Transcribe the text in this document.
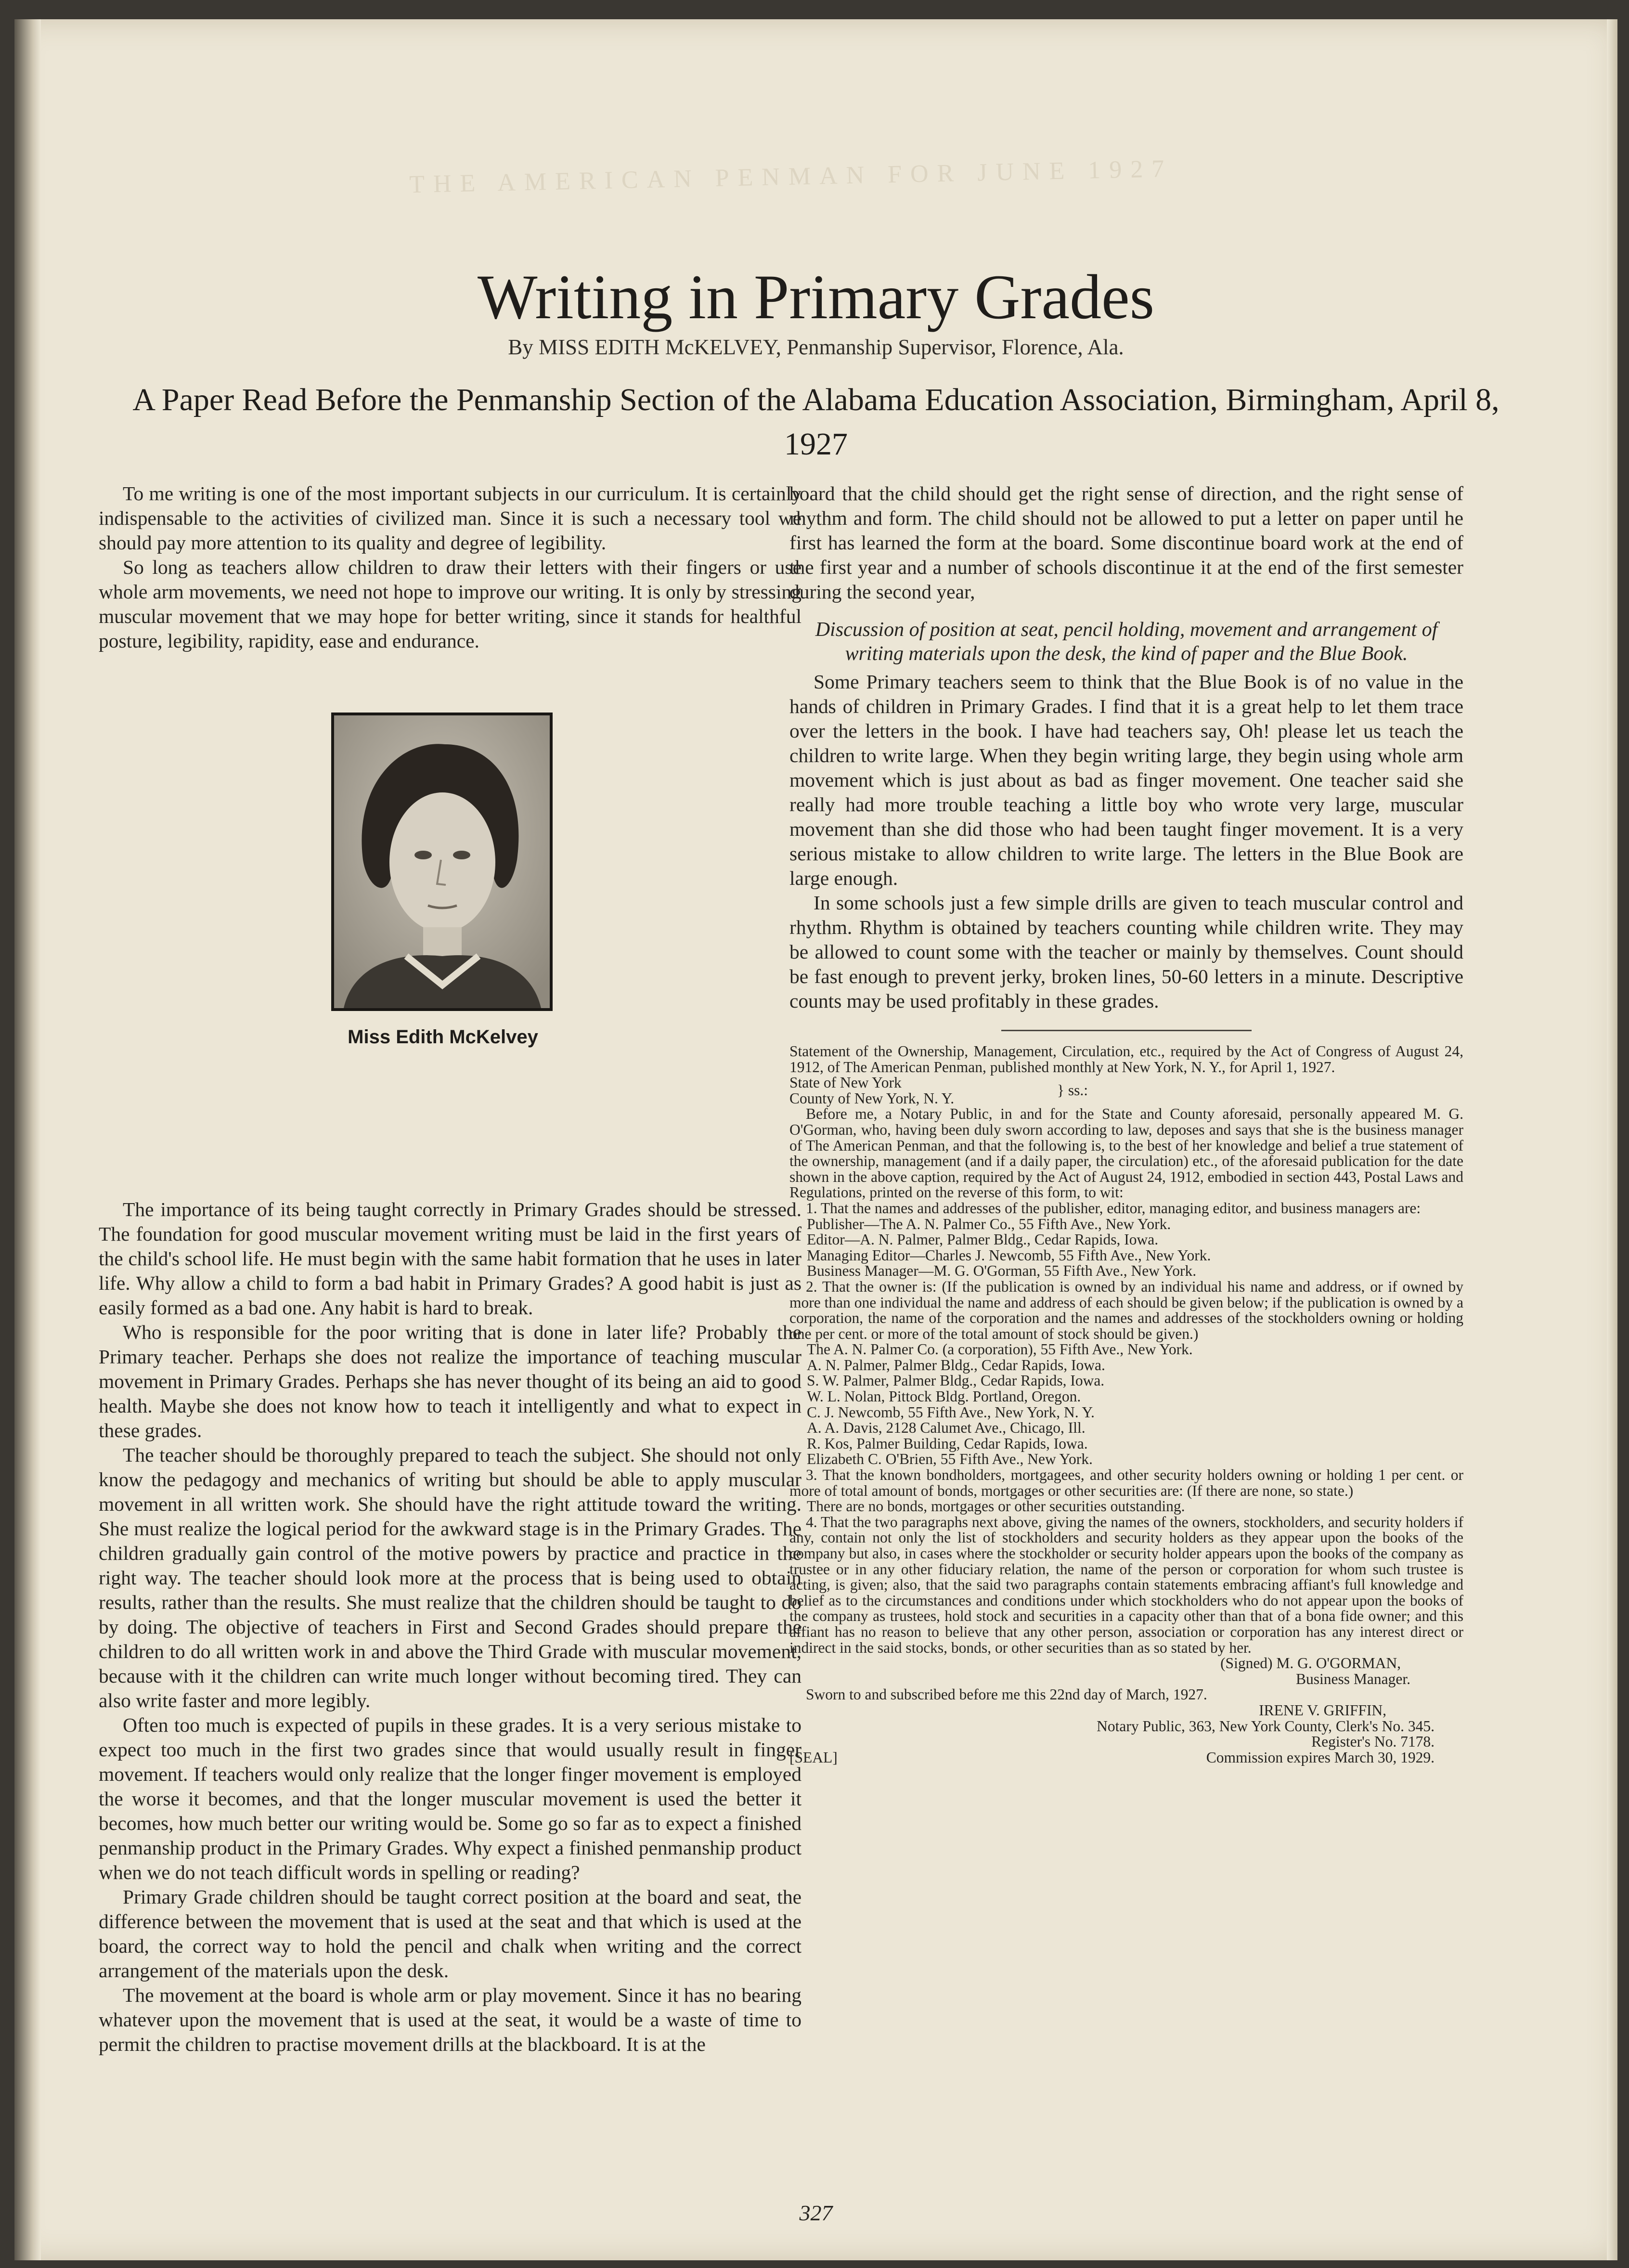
THE AMERICAN PENMAN FOR JUNE 1927
Writing in Primary Grades
By MISS EDITH McKELVEY, Penmanship Supervisor, Florence, Ala.
A Paper Read Before the Penmanship Section of the Alabama Education Association, Birmingham, April 8, 1927

To me writing is one of the most important subjects in our curriculum. It is certainly indispensable to the activities of civilized man. Since it is such a necessary tool we should pay more attention to its quality and degree of legibility.

So long as teachers allow children to draw their letters with their fingers or use whole arm movements, we need not hope to improve our writing. It is only by stressing muscular movement that we may hope for better writing, since it stands for healthful posture, legibility, rapidity, ease and endurance.

The importance of its being taught correctly in Primary Grades should be stressed. The foundation for good muscular movement writing must be laid in the first years of the child's school life. He must begin with the same habit formation that he uses in later life. Why allow a child to form a bad habit in Primary Grades? A good habit is just as easily formed as a bad one. Any habit is hard to break.

Who is responsible for the poor writing that is done in later life? Probably the Primary teacher. Perhaps she does not realize the importance of teaching muscular movement in Primary Grades. Perhaps she has never thought of its being an aid to good health. Maybe she does not know how to teach it intelligently and what to expect in these grades.

The teacher should be thoroughly prepared to teach the subject. She should not only know the pedagogy and mechanics of writing but should be able to apply muscular movement in all written work. She should have the right attitude toward the writing. She must realize the logical period for the awkward stage is in the Primary Grades. The children gradually gain control of the motive powers by practice and practice in the right way. The teacher should look more at the process that is being used to obtain results, rather than the results. She must realize that the children should be taught to do by doing. The objective of teachers in First and Second Grades should prepare the children to do all written work in and above the Third Grade with muscular movement, because with it the children can write much longer without becoming tired. They can also write faster and more legibly.

Often too much is expected of pupils in these grades. It is a very serious mistake to expect too much in the first two grades since that would usually result in finger movement. If teachers would only realize that the longer finger movement is employed the worse it becomes, and that the longer muscular movement is used the better it becomes, how much better our writing would be. Some go so far as to expect a finished penmanship product in the Primary Grades. Why expect a finished penmanship product when we do not teach difficult words in spelling or reading?

Primary Grade children should be taught correct position at the board and seat, the difference between the movement that is used at the seat and that which is used at the board, the correct way to hold the pencil and chalk when writing and the correct arrangement of the materials upon the desk.

The movement at the board is whole arm or play movement. Since it has no bearing whatever upon the movement that is used at the seat, it would be a waste of time to permit the children to practise movement drills at the blackboard. It is at the

Miss Edith McKelvey

board that the child should get the right sense of direction, and the right sense of rhythm and form. The child should not be allowed to put a letter on paper until he first has learned the form at the board. Some discontinue board work at the end of the first year and a number of schools discontinue it at the end of the first semester during the second year,

Discussion of position at seat, pencil holding, movement and arrangement of writing materials upon the desk, the kind of paper and the Blue Book.

Some Primary teachers seem to think that the Blue Book is of no value in the hands of children in Primary Grades. I find that it is a great help to let them trace over the letters in the book. I have had teachers say, Oh! please let us teach the children to write large. When they begin writing large, they begin using whole arm movement which is just about as bad as finger movement. One teacher said she really had more trouble teaching a little boy who wrote very large, muscular movement than she did those who had been taught finger movement. It is a very serious mistake to allow children to write large. The letters in the Blue Book are large enough.

In some schools just a few simple drills are given to teach muscular control and rhythm. Rhythm is obtained by teachers counting while children write. They may be allowed to count some with the teacher or mainly by themselves. Count should be fast enough to prevent jerky, broken lines, 50-60 letters in a minute. Descriptive counts may be used profitably in these grades.

Statement of the Ownership, Management, Circulation, etc., required by the Act of Congress of August 24, 1912, of The American Penman, published monthly at New York, N. Y., for April 1, 1927.

State of New York
County of New York, N. Y.	} ss.:

Before me, a Notary Public, in and for the State and County aforesaid, personally appeared M. G. O'Gorman, who, having been duly sworn according to law, deposes and says that she is the business manager of The American Penman, and that the following is, to the best of her knowledge and belief a true statement of the ownership, management (and if a daily paper, the circulation) etc., of the aforesaid publication for the date shown in the above caption, required by the Act of August 24, 1912, embodied in section 443, Postal Laws and Regulations, printed on the reverse of this form, to wit:

1. That the names and addresses of the publisher, editor, managing editor, and business managers are:

Publisher—The A. N. Palmer Co., 55 Fifth Ave., New York.

Editor—A. N. Palmer, Palmer Bldg., Cedar Rapids, Iowa.

Managing Editor—Charles J. Newcomb, 55 Fifth Ave., New York.

Business Manager—M. G. O'Gorman, 55 Fifth Ave., New York.

2. That the owner is: (If the publication is owned by an individual his name and address, or if owned by more than one individual the name and address of each should be given below; if the publication is owned by a corporation, the name of the corporation and the names and addresses of the stockholders owning or holding one per cent. or more of the total amount of stock should be given.)

The A. N. Palmer Co. (a corporation), 55 Fifth Ave., New York.

A. N. Palmer, Palmer Bldg., Cedar Rapids, Iowa.

S. W. Palmer, Palmer Bldg., Cedar Rapids, Iowa.

W. L. Nolan, Pittock Bldg. Portland, Oregon.

C. J. Newcomb, 55 Fifth Ave., New York, N. Y.

A. A. Davis, 2128 Calumet Ave., Chicago, Ill.

R. Kos, Palmer Building, Cedar Rapids, Iowa.

Elizabeth C. O'Brien, 55 Fifth Ave., New York.

3. That the known bondholders, mortgagees, and other security holders owning or holding 1 per cent. or more of total amount of bonds, mortgages or other securities are: (If there are none, so state.)

There are no bonds, mortgages or other securities outstanding.

4. That the two paragraphs next above, giving the names of the owners, stockholders, and security holders if any, contain not only the list of stockholders and security holders as they appear upon the books of the company but also, in cases where the stockholder or security holder appears upon the books of the company as trustee or in any other fiduciary relation, the name of the person or corporation for whom such trustee is acting, is given; also, that the said two paragraphs contain statements embracing affiant's full knowledge and belief as to the circumstances and conditions under which stockholders who do not appear upon the books of the company as trustees, hold stock and securities in a capacity other than that of a bona fide owner; and this affiant has no reason to believe that any other person, association or corporation has any interest direct or indirect in the said stocks, bonds, or other securities than as so stated by her.

(Signed) M. G. O'GORMAN,

Business Manager.

Sworn to and subscribed before me this 22nd day of March, 1927.

IRENE V. GRIFFIN,

Notary Public, 363, New York County, Clerk's No. 345.

Register's No. 7178.

[SEAL]	Commission expires March 30, 1929.
327
